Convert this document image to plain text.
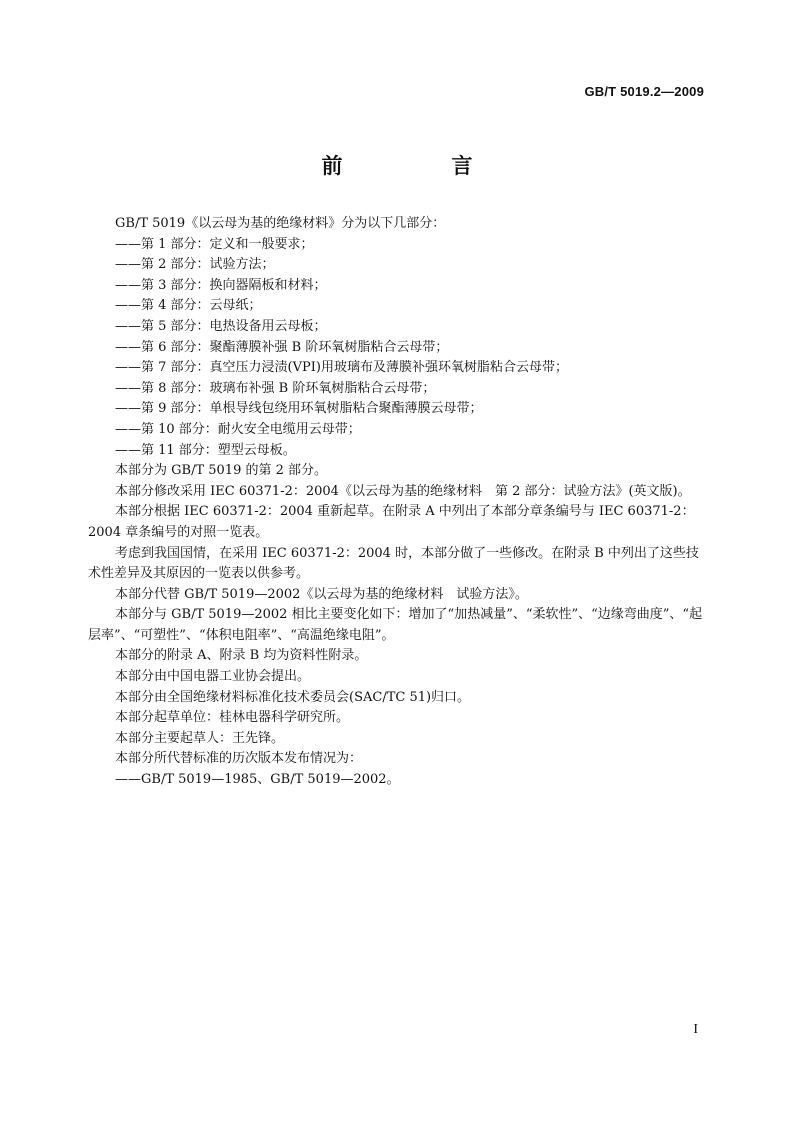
GB/T 5019.2—2009
前　言

GB/T 5019《以云母为基的绝缘材料》分为以下几部分：

——第 1 部分：定义和一般要求；

——第 2 部分：试验方法；

——第 3 部分：换向器隔板和材料；

——第 4 部分：云母纸；

——第 5 部分：电热设备用云母板；

——第 6 部分：聚酯薄膜补强 B 阶环氧树脂粘合云母带；

——第 7 部分：真空压力浸渍(VPI)用玻璃布及薄膜补强环氧树脂粘合云母带；

——第 8 部分：玻璃布补强 B 阶环氧树脂粘合云母带；

——第 9 部分：单根导线包绕用环氧树脂粘合聚酯薄膜云母带；

——第 10 部分：耐火安全电缆用云母带；

——第 11 部分：塑型云母板。

本部分为 GB/T 5019 的第 2 部分。

本部分修改采用 IEC 60371-2：2004《以云母为基的绝缘材料　第 2 部分：试验方法》(英文版)。

本部分根据 IEC 60371-2：2004 重新起草。在附录 A 中列出了本部分章条编号与 IEC 60371-2：2004 章条编号的对照一览表。

考虑到我国国情，在采用 IEC 60371-2：2004 时，本部分做了一些修改。在附录 B 中列出了这些技术性差异及其原因的一览表以供参考。

本部分代替 GB/T 5019—2002《以云母为基的绝缘材料　试验方法》。

本部分与 GB/T 5019—2002 相比主要变化如下：增加了“加热减量”、“柔软性”、“边缘弯曲度”、“起层率”、“可塑性”、“体积电阻率”、“高温绝缘电阻”。

本部分的附录 A、附录 B 均为资料性附录。

本部分由中国电器工业协会提出。

本部分由全国绝缘材料标准化技术委员会(SAC/TC 51)归口。

本部分起草单位：桂林电器科学研究所。

本部分主要起草人：王先锋。

本部分所代替标准的历次版本发布情况为：

——GB/T 5019—1985、GB/T 5019—2002。

I
